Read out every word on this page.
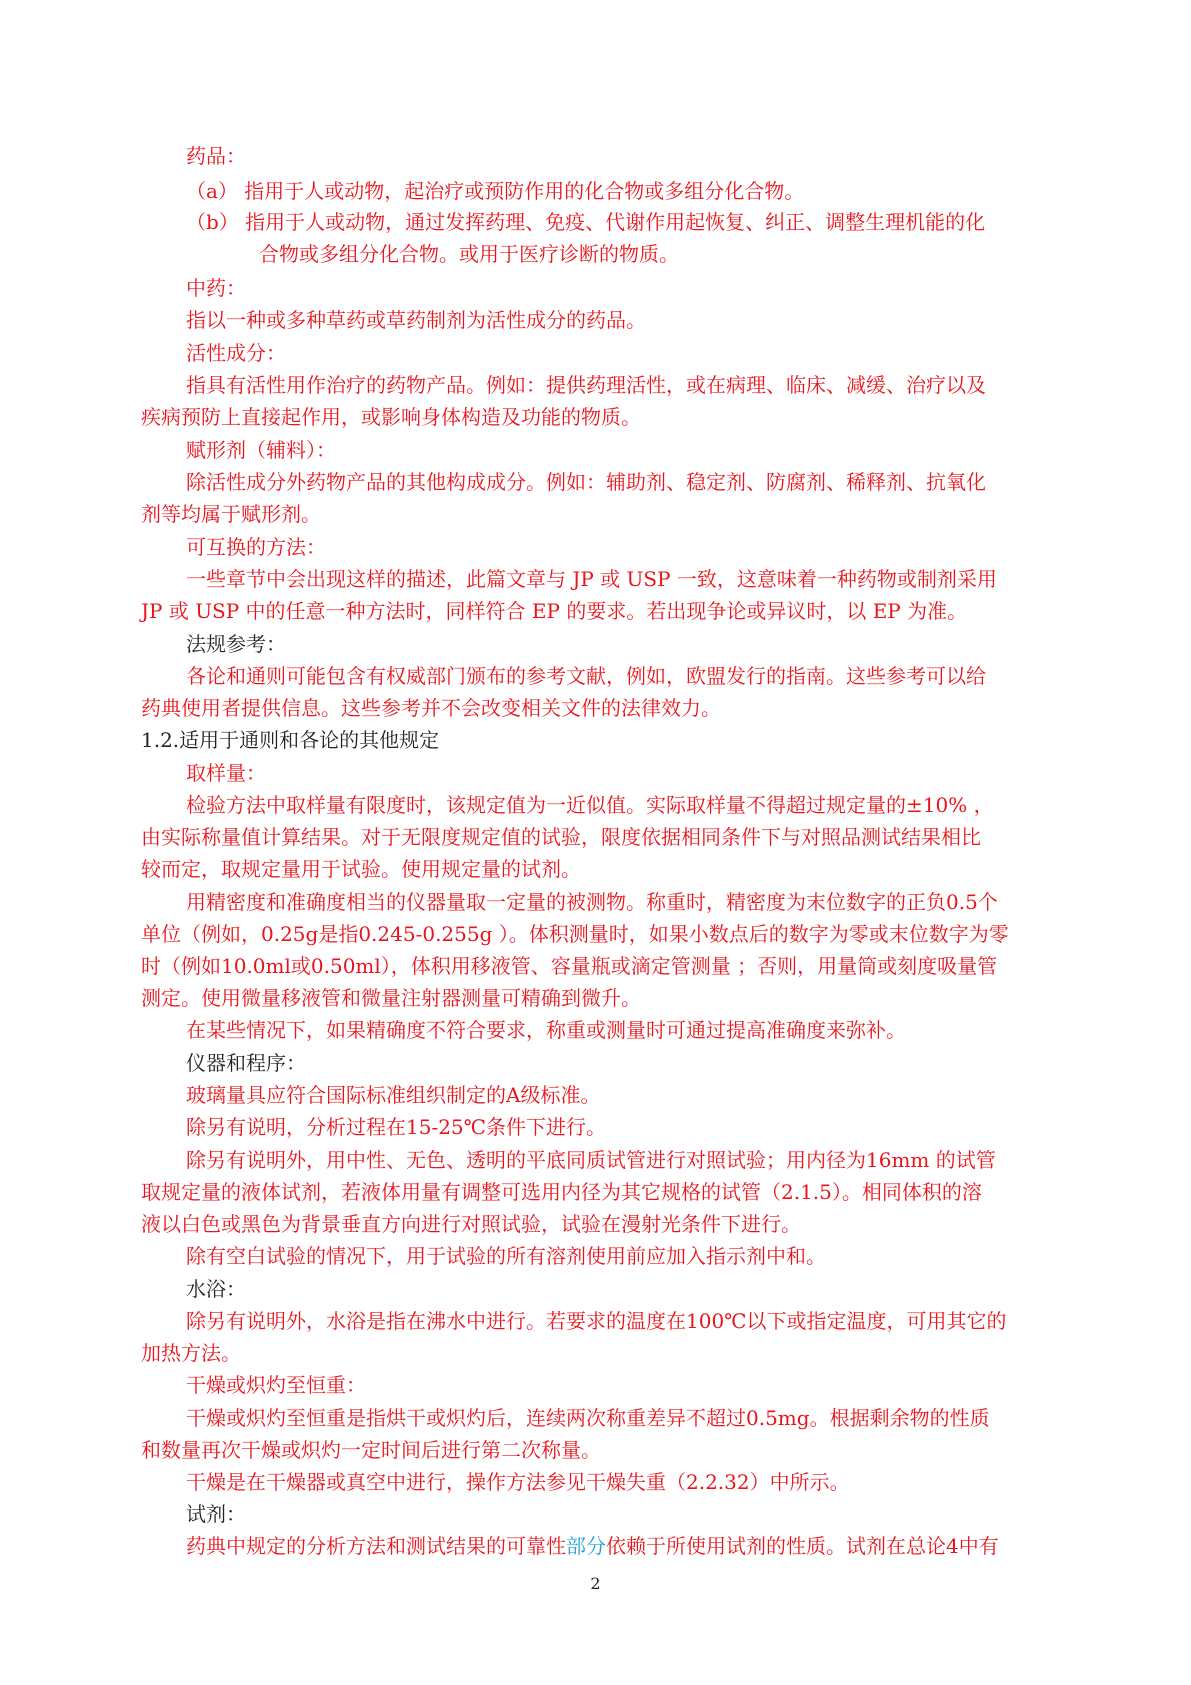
药品：
（a） 指用于人或动物，起治疗或预防作用的化合物或多组分化合物。
（b） 指用于人或动物，通过发挥药理、免疫、代谢作用起恢复、纠正、调整生理机能的化
合物或多组分化合物。或用于医疗诊断的物质。
中药：
指以一种或多种草药或草药制剂为活性成分的药品。
活性成分：
指具有活性用作治疗的药物产品。例如：提供药理活性，或在病理、临床、减缓、治疗以及
疾病预防上直接起作用，或影响身体构造及功能的物质。
赋形剂（辅料）：
除活性成分外药物产品的其他构成成分。例如：辅助剂、稳定剂、防腐剂、稀释剂、抗氧化
剂等均属于赋形剂。
可互换的方法：
一些章节中会出现这样的描述，此篇文章与 JP 或 USP 一致，这意味着一种药物或制剂采用
JP 或 USP 中的任意一种方法时，同样符合 EP 的要求。若出现争论或异议时，以 EP 为准。
法规参考：
各论和通则可能包含有权威部门颁布的参考文献，例如，欧盟发行的指南。这些参考可以给
药典使用者提供信息。这些参考并不会改变相关文件的法律效力。
1.2.适用于通则和各论的其他规定
取样量：
检验方法中取样量有限度时，该规定值为一近似值。实际取样量不得超过规定量的±10% ，
由实际称量值计算结果。对于无限度规定值的试验，限度依据相同条件下与对照品测试结果相比
较而定，取规定量用于试验。使用规定量的试剂。
用精密度和准确度相当的仪器量取一定量的被测物。称重时，精密度为末位数字的正负0.5个
单位（例如，0.25g是指0.245-0.255g ）。体积测量时，如果小数点后的数字为零或末位数字为零
时（例如10.0ml或0.50ml），体积用移液管、容量瓶或滴定管测量 ；否则，用量筒或刻度吸量管
测定。使用微量移液管和微量注射器测量可精确到微升。
在某些情况下，如果精确度不符合要求，称重或测量时可通过提高准确度来弥补。
仪器和程序：
玻璃量具应符合国际标准组织制定的A级标准。
除另有说明，分析过程在15-25℃条件下进行。
除另有说明外，用中性、无色、透明的平底同质试管进行对照试验；用内径为16mm 的试管
取规定量的液体试剂，若液体用量有调整可选用内径为其它规格的试管（2.1.5）。相同体积的溶
液以白色或黑色为背景垂直方向进行对照试验，试验在漫射光条件下进行。
除有空白试验的情况下，用于试验的所有溶剂使用前应加入指示剂中和。
水浴：
除另有说明外，水浴是指在沸水中进行。若要求的温度在100℃以下或指定温度，可用其它的
加热方法。
干燥或炽灼至恒重：
干燥或炽灼至恒重是指烘干或炽灼后，连续两次称重差异不超过0.5mg。根据剩余物的性质
和数量再次干燥或炽灼一定时间后进行第二次称量。
干燥是在干燥器或真空中进行，操作方法参见干燥失重（2.2.32）中所示。
试剂：
药典中规定的分析方法和测试结果的可靠性部分依赖于所使用试剂的性质。试剂在总论4中有
2
